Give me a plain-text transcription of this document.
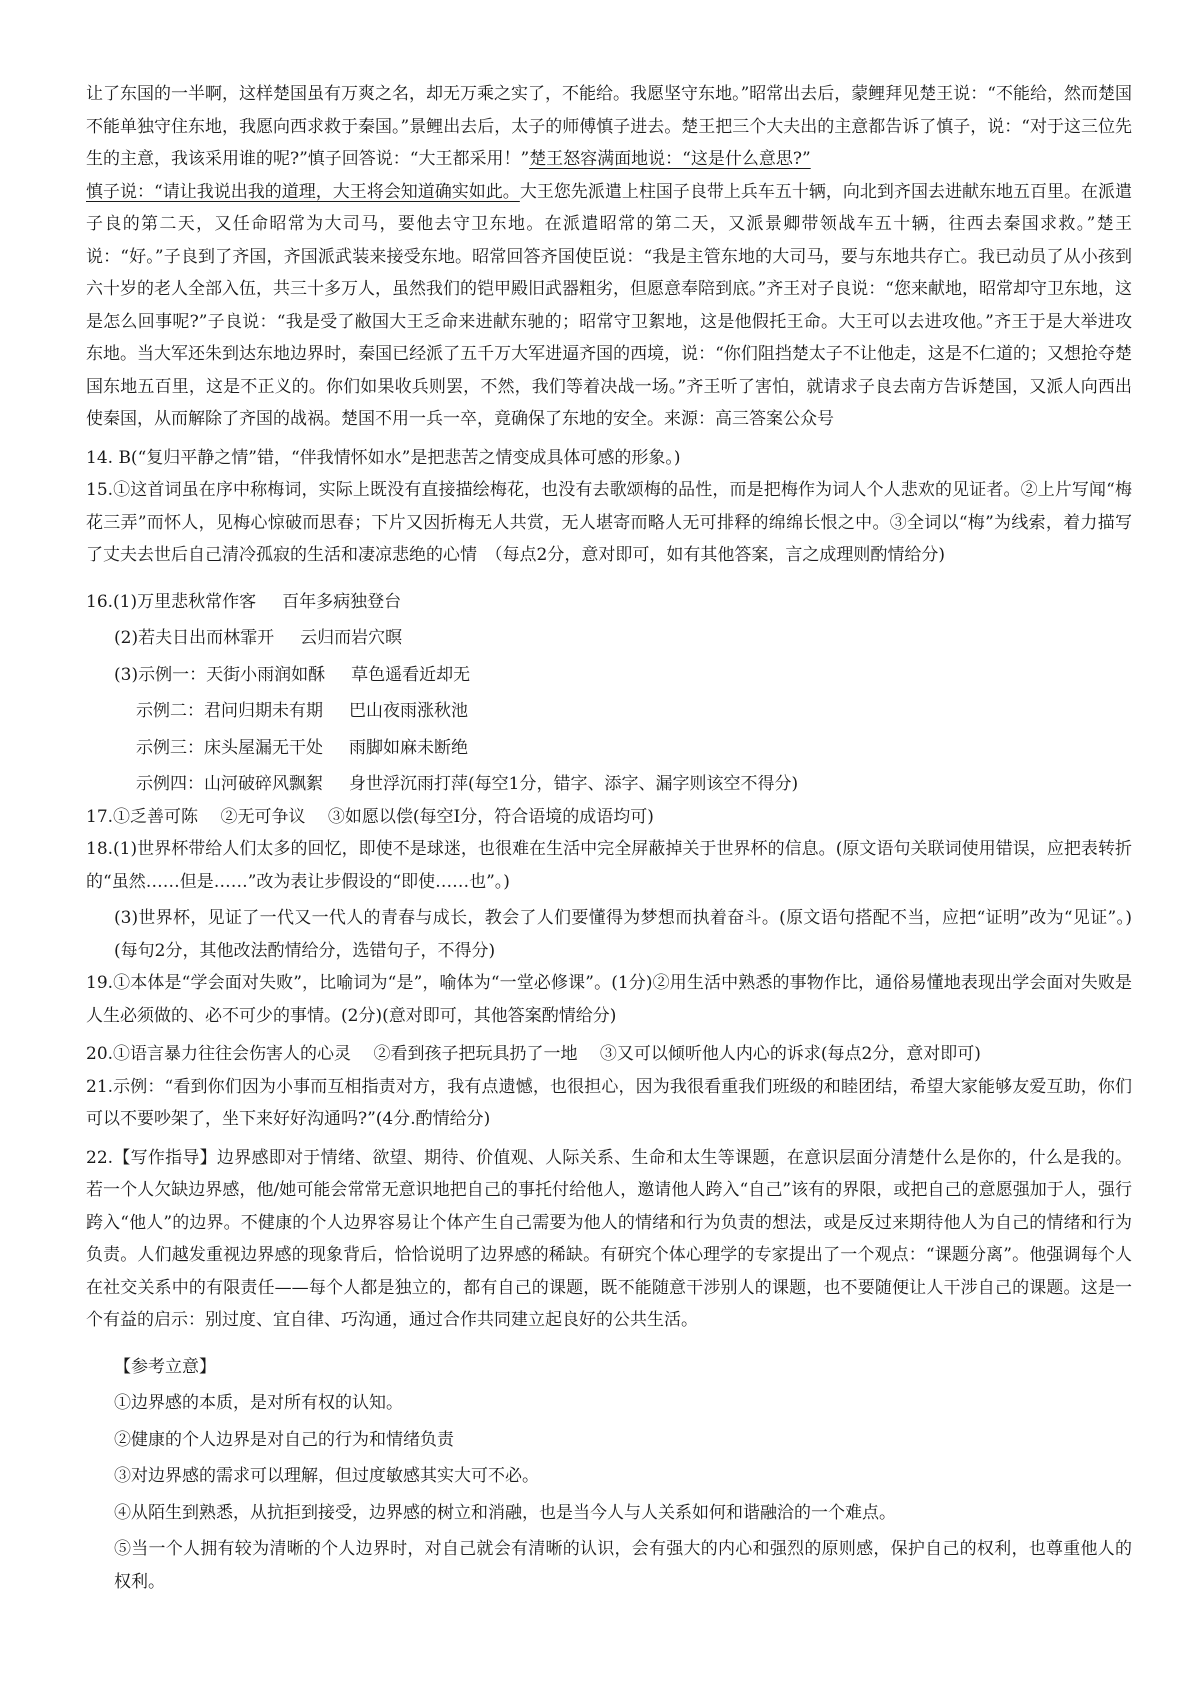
让了东国的一半啊，这样楚国虽有万爽之名，却无万乘之实了，不能给。我愿坚守东地。”昭常出去后，蒙鲤拜见楚王说：“不能给，然而楚国不能单独守住东地，我愿向西求救于秦国。”景鲤出去后，太子的师傅慎子进去。楚王把三个大夫出的主意都告诉了慎子，说：“对于这三位先生的主意，我该采用谁的呢?”慎子回答说：“大王都采用！”楚王怒容满面地说：“这是什么意思?”
慎子说：“请让我说出我的道理，大王将会知道确实如此。大王您先派遣上柱国子良带上兵车五十辆，向北到齐国去进献东地五百里。在派遣子良的第二天，又任命昭常为大司马，要他去守卫东地。在派遣昭常的第二天，又派景卿带领战车五十辆，往西去秦国求救。”楚王说：“好。”子良到了齐国，齐国派武装来接受东地。昭常回答齐国使臣说：“我是主管东地的大司马，要与东地共存亡。我已动员了从小孩到六十岁的老人全部入伍，共三十多万人，虽然我们的铠甲殿旧武器粗劣，但愿意奉陪到底。”齐王对子良说：“您来献地，昭常却守卫东地，这是怎么回事呢?”子良说：“我是受了敝国大王乏命来进献东驰的；昭常守卫絮地，这是他假托王命。大王可以去进攻他。”齐王于是大举进攻东地。当大军还朱到达东地边界时，秦国已经派了五千万大军进逼齐国的西境，说：“你们阻挡楚太子不让他走，这是不仁道的；又想抢夺楚国东地五百里，这是不正义的。你们如果收兵则罢，不然，我们等着决战一场。”齐王听了害怕，就请求子良去南方告诉楚国，又派人向西出使秦国，从而解除了齐国的战祸。楚国不用一兵一卒，竟确保了东地的安全。来源：高三答案公众号

14. B(“复归平静之情”错，“伴我情怀如水”是把悲苦之情变成具体可感的形象。)

15.①这首词虽在序中称梅词，实际上既没有直接描绘梅花，也没有去歌颂梅的品性，而是把梅作为词人个人悲欢的见证者。②上片写闻“梅花三弄”而怀人，见梅心惊破而思春；下片又因折梅无人共赏，无人堪寄而略人无可排释的绵绵长恨之中。③全词以“梅”为线索，着力描写了丈夫去世后自己清冷孤寂的生活和凄凉悲绝的心情　（每点2分，意对即可，如有其他答案，言之成理则酌情给分)

16.(1)万里悲秋常作客 百年多病独登台

(2)若夫日出而林霏开 云归而岩穴暝

(3)示例一：天街小雨润如酥 草色遥看近却无

示例二：君问归期未有期 巴山夜雨涨秋池

示例三：床头屋漏无干处 雨脚如麻未断绝

示例四：山河破碎风飘絮 身世浮沉雨打萍(每空1分，错字、添字、漏字则该空不得分)

17.①乏善可陈　 ②无可争议　 ③如愿以偿(每空Ⅰ分，符合语境的成语均可)

18.(1)世界杯带给人们太多的回忆，即使不是球迷，也很难在生活中完全屏蔽掉关于世界杯的信息。(原文语句关联词使用错误，应把表转折的“虽然……但是……”改为表让步假设的“即使……也”。)

(3)世界杯，见证了一代又一代人的青春与成长，教会了人们要懂得为梦想而执着奋斗。(原文语句搭配不当，应把“证明”改为“见证”。)(每句2分，其他改法酌情给分，选错句子，不得分)

19.①本体是“学会面对失败”，比喻词为“是”，喻体为“一堂必修课”。(1分)②用生活中熟悉的事物作比，通俗易懂地表现出学会面对失败是人生必须做的、必不可少的事情。(2分)(意对即可，其他答案酌情给分)

20.①语言暴力往往会伤害人的心灵　 ②看到孩子把玩具扔了一地　 ③又可以倾听他人内心的诉求(每点2分，意对即可)

21.示例：“看到你们因为小事而互相指责对方，我有点遗憾，也很担心，因为我很看重我们班级的和睦团结，希望大家能够友爱互助，你们可以不要吵架了，坐下来好好沟通吗?”(4分.酌情给分)

22.【写作指导】边界感即对于情绪、欲望、期待、价值观、人际关系、生命和太生等课题，在意识层面分清楚什么是你的，什么是我的。若一个人欠缺边界感，他/她可能会常常无意识地把自己的事托付给他人，邀请他人跨入“自己”该有的界限，或把自己的意愿强加于人，强行跨入“他人”的边界。不健康的个人边界容易让个体产生自己需要为他人的情绪和行为负责的想法，或是反过来期待他人为自己的情绪和行为负责。人们越发重视边界感的现象背后，恰恰说明了边界感的稀缺。有研究个体心理学的专家提出了一个观点：“课题分离”。他强调每个人在社交关系中的有限责任——每个人都是独立的，都有自己的课题，既不能随意干涉别人的课题，也不要随便让人干涉自己的课题。这是一个有益的启示：别过度、宜自律、巧沟通，通过合作共同建立起良好的公共生活。

【参考立意】

①边界感的本质，是对所有权的认知。

②健康的个人边界是对自己的行为和情绪负责

③对边界感的需求可以理解，但过度敏感其实大可不必。

④从陌生到熟悉，从抗拒到接受，边界感的树立和消融，也是当今人与人关系如何和谐融洽的一个难点。

⑤当一个人拥有较为清晰的个人边界时，对自己就会有清晰的认识，会有强大的内心和强烈的原则感，保护自己的权利，也尊重他人的权利。
